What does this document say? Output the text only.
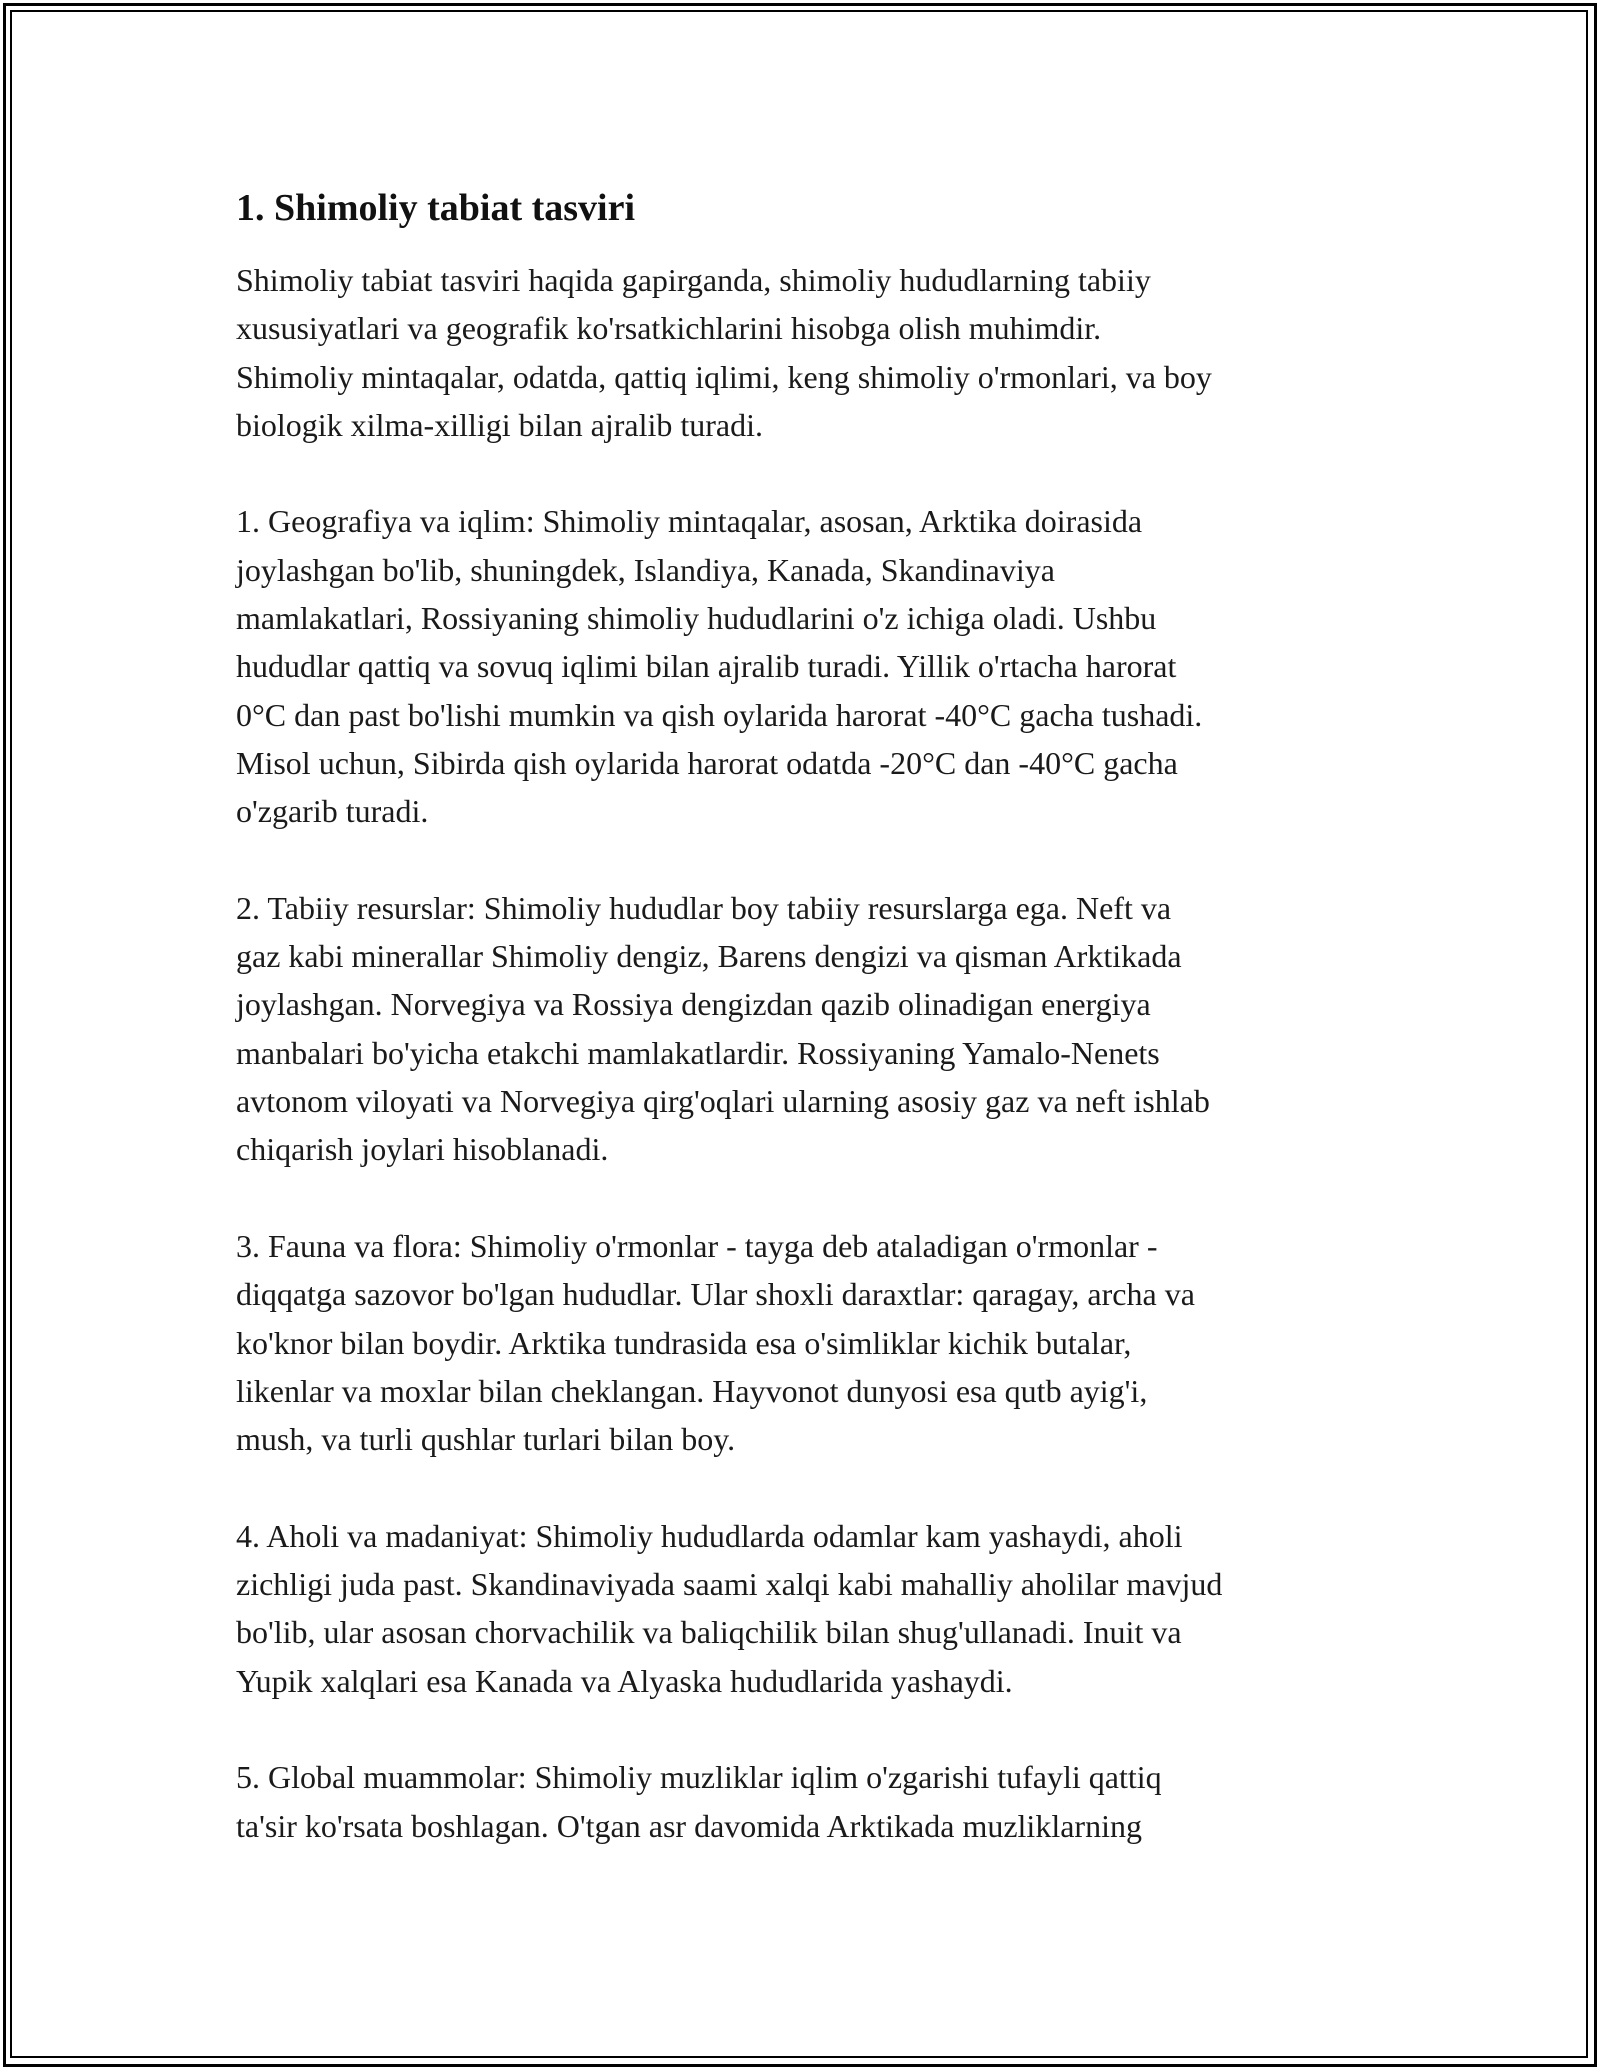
1. Shimoliy tabiat tasviri

Shimoliy tabiat tasviri haqida gapirganda, shimoliy hududlarning tabiiy
xususiyatlari va geografik ko'rsatkichlarini hisobga olish muhimdir.
Shimoliy mintaqalar, odatda, qattiq iqlimi, keng shimoliy o'rmonlari, va boy
biologik xilma-xilligi bilan ajralib turadi.

1. Geografiya va iqlim: Shimoliy mintaqalar, asosan, Arktika doirasida
joylashgan bo'lib, shuningdek, Islandiya, Kanada, Skandinaviya
mamlakatlari, Rossiyaning shimoliy hududlarini o'z ichiga oladi. Ushbu
hududlar qattiq va sovuq iqlimi bilan ajralib turadi. Yillik o'rtacha harorat
0°C dan past bo'lishi mumkin va qish oylarida harorat -40°C gacha tushadi.
Misol uchun, Sibirda qish oylarida harorat odatda -20°C dan -40°C gacha
o'zgarib turadi.

2. Tabiiy resurslar: Shimoliy hududlar boy tabiiy resurslarga ega. Neft va
gaz kabi minerallar Shimoliy dengiz, Barens dengizi va qisman Arktikada
joylashgan. Norvegiya va Rossiya dengizdan qazib olinadigan energiya
manbalari bo'yicha etakchi mamlakatlardir. Rossiyaning Yamalo-Nenets
avtonom viloyati va Norvegiya qirg'oqlari ularning asosiy gaz va neft ishlab
chiqarish joylari hisoblanadi.

3. Fauna va flora: Shimoliy o'rmonlar - tayga deb ataladigan o'rmonlar -
diqqatga sazovor bo'lgan hududlar. Ular shoxli daraxtlar: qaragay, archa va
ko'knor bilan boydir. Arktika tundrasida esa o'simliklar kichik butalar,
likenlar va moxlar bilan cheklangan. Hayvonot dunyosi esa qutb ayig'i,
mush, va turli qushlar turlari bilan boy.

4. Aholi va madaniyat: Shimoliy hududlarda odamlar kam yashaydi, aholi
zichligi juda past. Skandinaviyada saami xalqi kabi mahalliy aholilar mavjud
bo'lib, ular asosan chorvachilik va baliqchilik bilan shug'ullanadi. Inuit va
Yupik xalqlari esa Kanada va Alyaska hududlarida yashaydi.

5. Global muammolar: Shimoliy muzliklar iqlim o'zgarishi tufayli qattiq
ta'sir ko'rsata boshlagan. O'tgan asr davomida Arktikada muzliklarning
